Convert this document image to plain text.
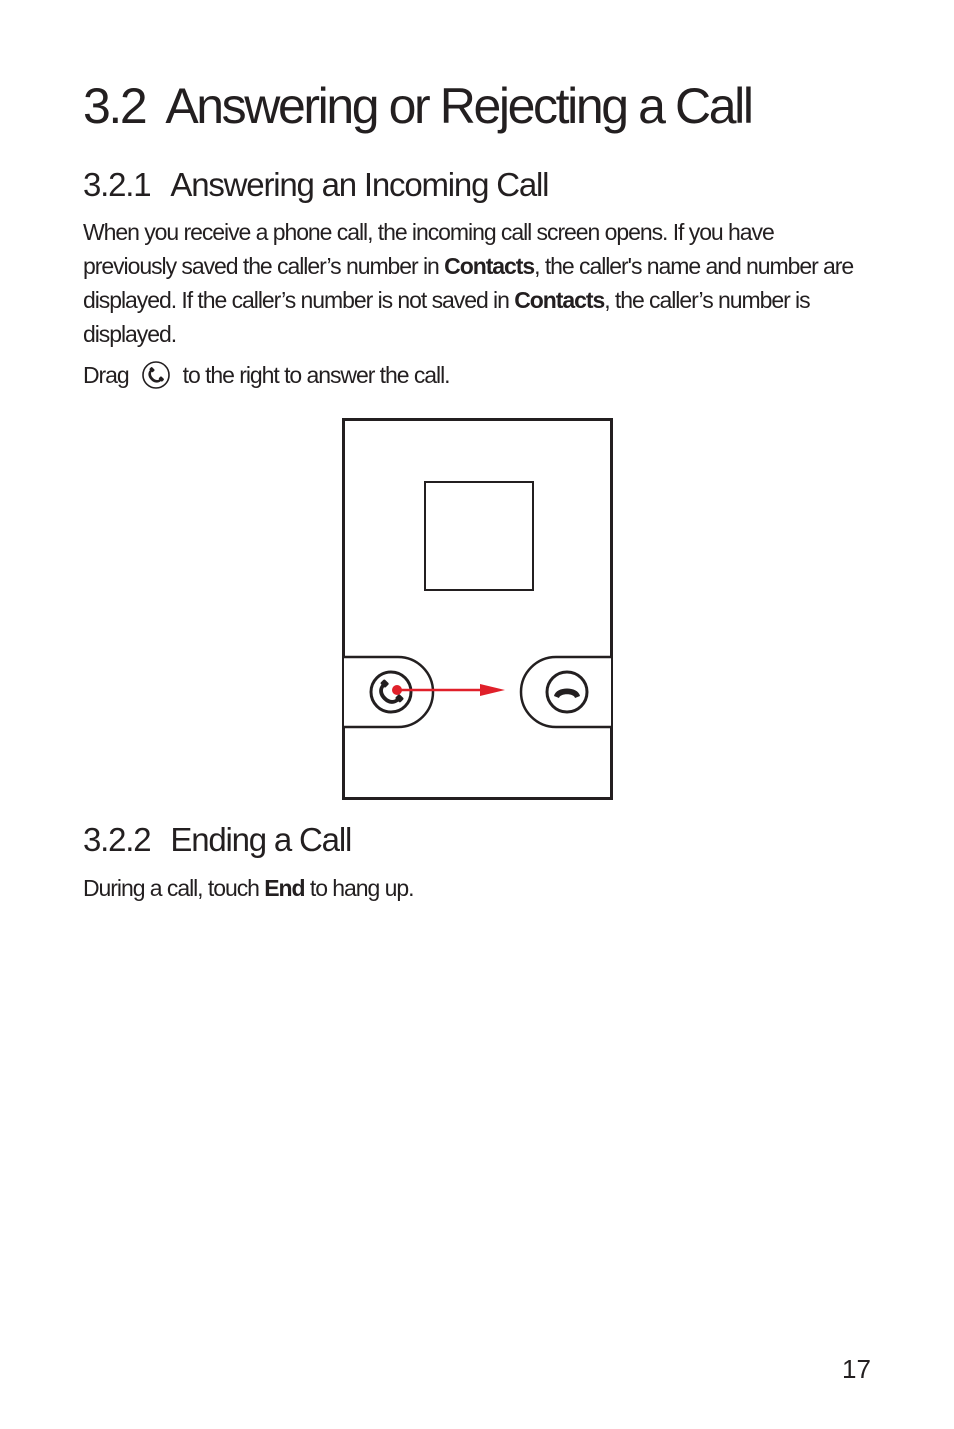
3.2 Answering or Rejecting a Call
3.2.1 Answering an Incoming Call

When you receive a phone call, the incoming call screen opens. If you have
previously saved the caller’s number in Contacts, the caller's name and number are
displayed. If the caller’s number is not saved in Contacts, the caller’s number is
displayed.

Drag to the right to answer the call.

3.2.2 Ending a Call

During a call, touch End to hang up.

17
